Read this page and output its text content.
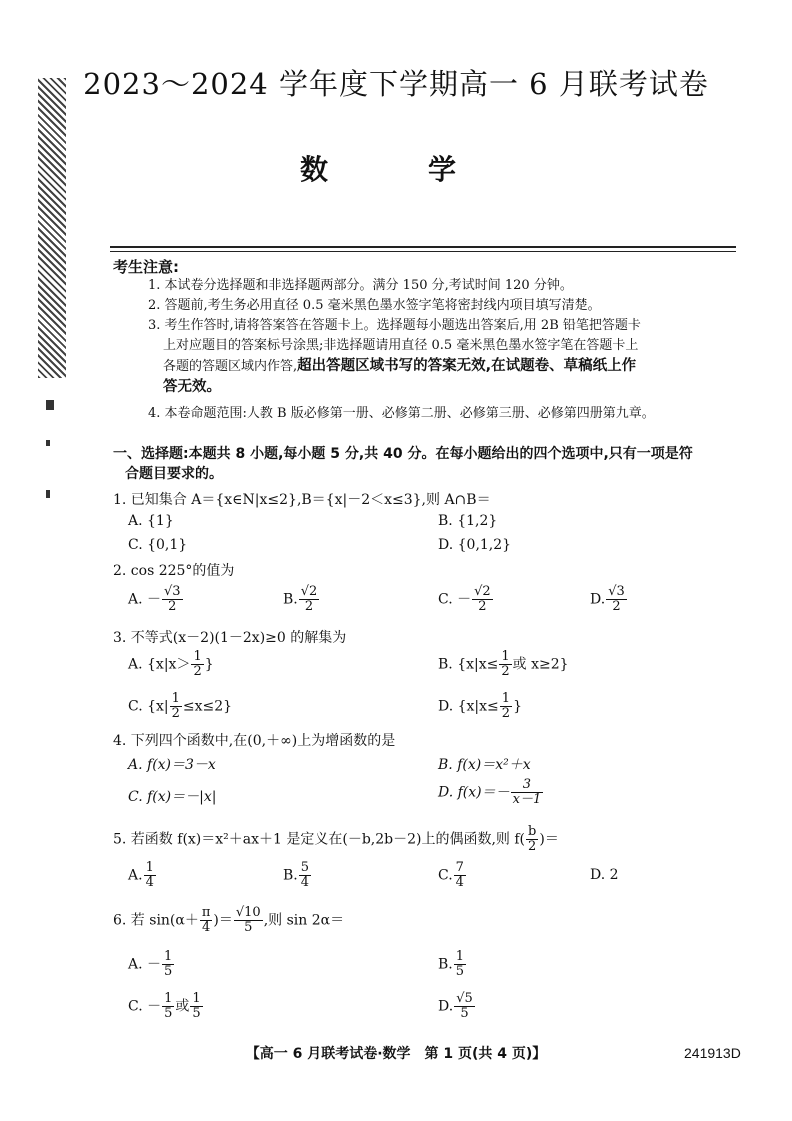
2023～2024 学年度下学期高一 6 月联考试卷
数　学
考生注意:
1. 本试卷分选择题和非选择题两部分。满分 150 分,考试时间 120 分钟。
2. 答题前,考生务必用直径 0.5 毫米黑色墨水签字笔将密封线内项目填写清楚。
3. 考生作答时,请将答案答在答题卡上。选择题每小题选出答案后,用 2B 铅笔把答题卡
上对应题目的答案标号涂黑;非选择题请用直径 0.5 毫米黑色墨水签字笔在答题卡上
各题的答题区域内作答,超出答题区域书写的答案无效,在试题卷、草稿纸上作
答无效。
4. 本卷命题范围:人教 B 版必修第一册、必修第二册、必修第三册、必修第四册第九章。
一、选择题:本题共 8 小题,每小题 5 分,共 40 分。在每小题给出的四个选项中,只有一项是符
合题目要求的。
1. 已知集合 A＝{x∈N|x≤2},B＝{x|－2＜x≤3},则 A∩B＝
A. {1}	B. {1,2}
C. {0,1}	D. {0,1,2}
2. cos 225°的值为
A. － $\frac{√3}{2}$	B. $\frac{√2}{2}$	C. － $\frac{√2}{2}$	D. $\frac{√3}{2}$
3. 不等式(x－2)(1－2x)≥0 的解集为
A. {$x|x> \frac{1}{2}$ }	B. {$x|x\le \frac{1}{2}$ 或 x≥2}
C. $\{x| \frac{1}{2} \le x\le 2\}$	D. {$x|x\le \frac{1}{2}$ }
4. 下列四个函数中,在(0,＋∞)上为增函数的是
A. f(x)＝3－x	B. f(x)＝x²＋x
C. f(x)＝－|x|	D. $f(x)=- \frac{3}{x-1}$
5. 若函数 f(x)＝x²＋ax＋1 是定义在(－b,2b－2)上的偶函数,则 $f( \frac{b}{2}$ )＝
A. $\frac{1}{4}$	B. $\frac{5}{4}$	C. $\frac{7}{4}$	D. 2
6. 若 $\sin(\alpha+ \frac{\pi}{4}$ )＝ $\frac{√10}{5}$ ,则 sin 2α＝
A. － $\frac{1}{5}$	B. $\frac{1}{5}$
C. － $\frac{1}{5}$ 或 $\frac{1}{5}$	D. $\frac{√5}{5}$
【高一 6 月联考试卷·数学　第 1 页(共 4 页)】	241913D
